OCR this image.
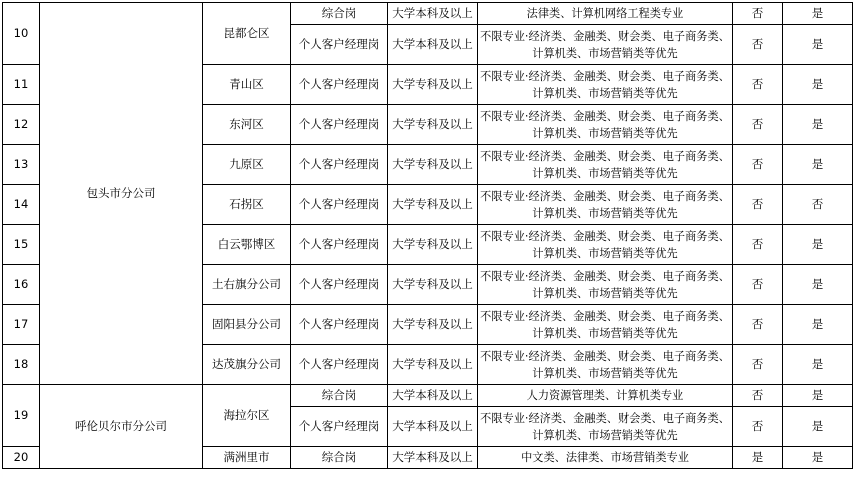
10	包头市分公司	昆都仑区	综合岗	大学本科及以上	法律类、计算机网络工程类专业	否	是
			个人客户经理岗	大学本科及以上	不限专业·经济类、金融类、财会类、电子商务类、
计算机类、市场营销类等优先	否	是
11		青山区	个人客户经理岗	大学专科及以上	不限专业·经济类、金融类、财会类、电子商务类、
计算机类、市场营销类等优先	否	是
12		东河区	个人客户经理岗	大学专科及以上	不限专业·经济类、金融类、财会类、电子商务类、
计算机类、市场营销类等优先	否	是
13		九原区	个人客户经理岗	大学专科及以上	不限专业·经济类、金融类、财会类、电子商务类、
计算机类、市场营销类等优先	否	是
14		石拐区	个人客户经理岗	大学专科及以上	不限专业·经济类、金融类、财会类、电子商务类、
计算机类、市场营销类等优先	否	否
15		白云鄂博区	个人客户经理岗	大学专科及以上	不限专业·经济类、金融类、财会类、电子商务类、
计算机类、市场营销类等优先	否	是
16		土右旗分公司	个人客户经理岗	大学专科及以上	不限专业·经济类、金融类、财会类、电子商务类、
计算机类、市场营销类等优先	否	是
17		固阳县分公司	个人客户经理岗	大学专科及以上	不限专业·经济类、金融类、财会类、电子商务类、
计算机类、市场营销类等优先	否	是
18		达茂旗分公司	个人客户经理岗	大学专科及以上	不限专业·经济类、金融类、财会类、电子商务类、
计算机类、市场营销类等优先	否	是
19	呼伦贝尔市分公司	海拉尔区	综合岗	大学本科及以上	人力资源管理类、计算机类专业	否	是
			个人客户经理岗	大学本科及以上	不限专业·经济类、金融类、财会类、电子商务类、
计算机类、市场营销类等优先	否	是
20		满洲里市	综合岗	大学本科及以上	中文类、法律类、市场营销类专业	是	是
